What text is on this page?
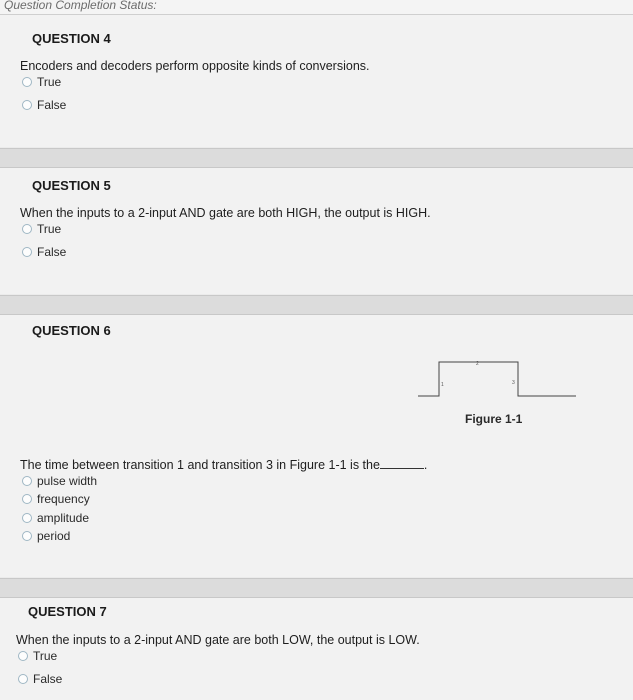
Question Completion Status:
QUESTION 4
Encoders and decoders perform opposite kinds of conversions.
True
False
QUESTION 5
When the inputs to a 2-input AND gate are both HIGH, the output is HIGH.
True
False
QUESTION 6
1
2
3
Figure 1-1
The time between transition 1 and transition 3 in Figure 1-1 is the	.
pulse width
frequency
amplitude
period
QUESTION 7
When the inputs to a 2-input AND gate are both LOW, the output is LOW.
True
False
